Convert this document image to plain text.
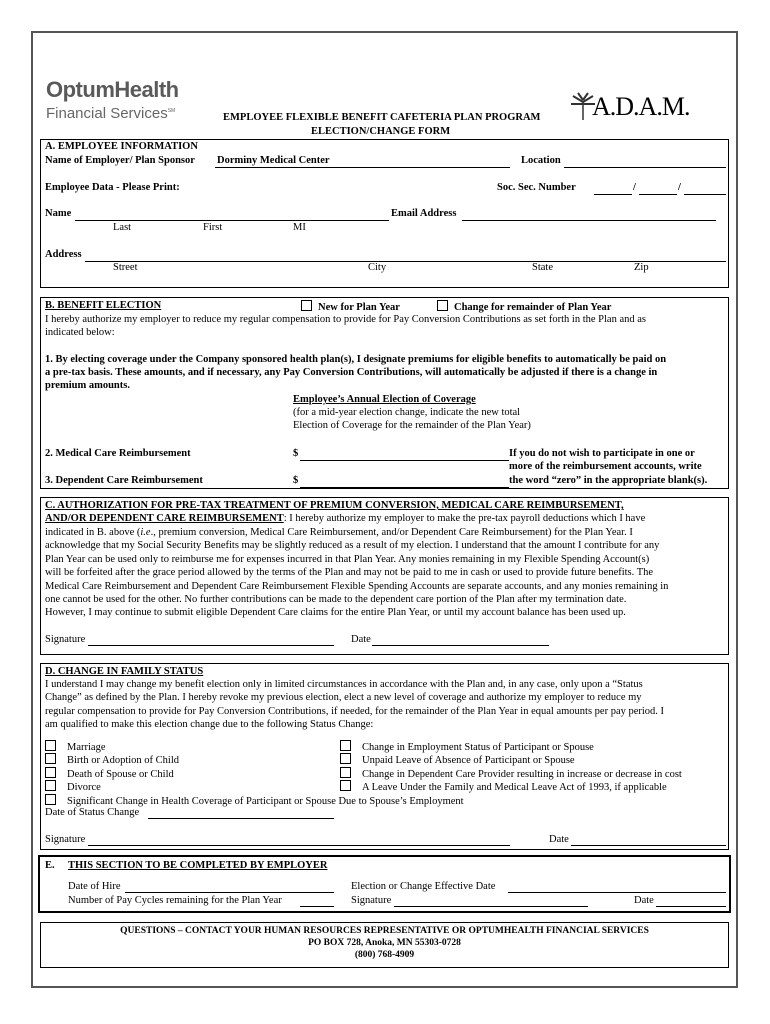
OptumHealth
Financial Services℠
EMPLOYEE FLEXIBLE BENEFIT CAFETERIA PLAN PROGRAM
ELECTION/CHANGE FORM
A.D.A.M.
A. EMPLOYEE INFORMATION
Name of Employer/ Plan Sponsor Dorminy Medical Center	Location
Employee Data - Please Print:	Soc. Sec. Number	/	/
Name	Email Address
Last	First	MI
Address
Street	City	State	Zip
B. BENEFIT ELECTION	New for Plan Year	Change for remainder of Plan Year
I hereby authorize my employer to reduce my regular compensation to provide for Pay Conversion Contributions as set forth in the Plan and as
indicated below:
1. By electing coverage under the Company sponsored health plan(s), I designate premiums for eligible benefits to automatically be paid on
a pre-tax basis. These amounts, and if necessary, any Pay Conversion Contributions, will automatically be adjusted if there is a change in
premium amounts.
Employee’s Annual Election of Coverage
(for a mid-year election change, indicate the new total
Election of Coverage for the remainder of the Plan Year)
2. Medical Care Reimbursement	$	If you do not wish to participate in one or
more of the reimbursement accounts, write
3. Dependent Care Reimbursement	$	the word “zero” in the appropriate blank(s).
C. AUTHORIZATION FOR PRE-TAX TREATMENT OF PREMIUM CONVERSION, MEDICAL CARE REIMBURSEMENT,
AND/OR DEPENDENT CARE REIMBURSEMENT: I hereby authorize my employer to make the pre-tax payroll deductions which I have
indicated in B. above (i.e., premium conversion, Medical Care Reimbursement, and/or Dependent Care Reimbursement) for the Plan Year. I
acknowledge that my Social Security Benefits may be slightly reduced as a result of my election. I understand that the amount I contribute for any
Plan Year can be used only to reimburse me for expenses incurred in that Plan Year. Any monies remaining in my Flexible Spending Account(s)
will be forfeited after the grace period allowed by the terms of the Plan and may not be paid to me in cash or used to provide future benefits. The
Medical Care Reimbursement and Dependent Care Reimbursement Flexible Spending Accounts are separate accounts, and any monies remaining in
one cannot be used for the other. No further contributions can be made to the dependent care portion of the Plan after my termination date.
However, I may continue to submit eligible Dependent Care claims for the entire Plan Year, or until my account balance has been used up.
Signature	Date
D. CHANGE IN FAMILY STATUS
I understand I may change my benefit election only in limited circumstances in accordance with the Plan and, in any case, only upon a “Status
Change” as defined by the Plan. I hereby revoke my previous election, elect a new level of coverage and authorize my employer to reduce my
regular compensation to provide for Pay Conversion Contributions, if needed, for the remainder of the Plan Year in equal amounts per pay period. I
am qualified to make this election change due to the following Status Change:
Marriage
Birth or Adoption of Child
Death of Spouse or Child
Divorce
Significant Change in Health Coverage of Participant or Spouse Due to Spouse’s Employment
Change in Employment Status of Participant or Spouse
Unpaid Leave of Absence of Participant or Spouse
Change in Dependent Care Provider resulting in increase or decrease in cost
A Leave Under the Family and Medical Leave Act of 1993, if applicable
Date of Status Change
Signature	Date
E. THIS SECTION TO BE COMPLETED BY EMPLOYER
Date of Hire
Number of Pay Cycles remaining for the Plan Year
Election or Change Effective Date
Signature	Date
QUESTIONS – CONTACT YOUR HUMAN RESOURCES REPRESENTATIVE OR OPTUMHEALTH FINANCIAL SERVICES
PO BOX 728, Anoka, MN 55303-0728
(800) 768-4909
